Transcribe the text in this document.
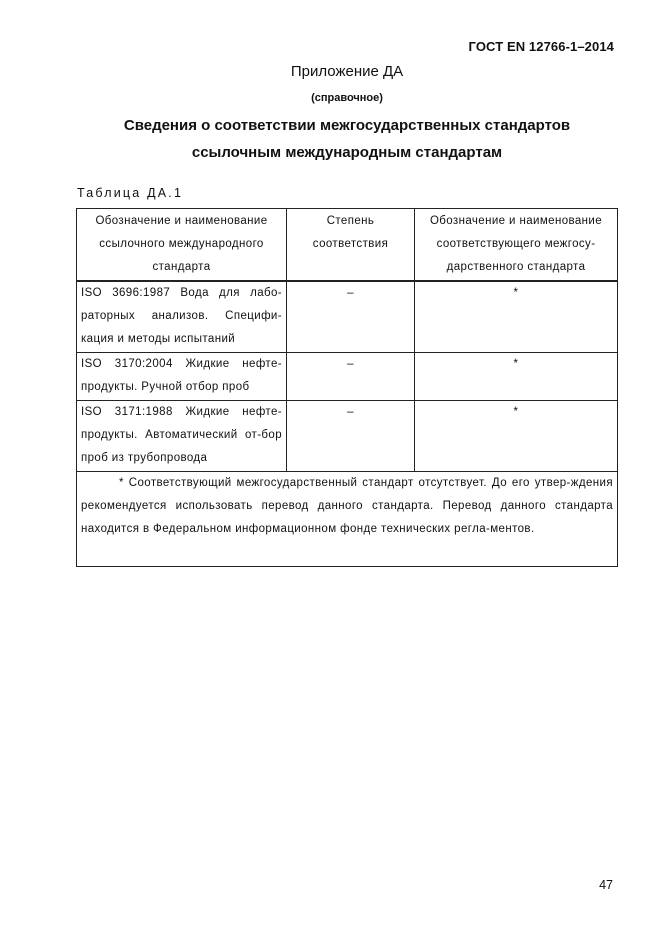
ГОСТ EN 12766-1–2014
Приложение ДА
(справочное)
Сведения о соответствии межгосударственных стандартов
ссылочным международным стандартам
Таблица ДА.1
Обозначение и наименование ссылочного международного стандарта	Степень соответствия	Обозначение и наименование соответствующего межгосу-дарственного стандарта
ISO 3696:1987 Вода для лабо-раторных анализов. Специфи-кация и методы испытаний	–	*
ISO 3170:2004 Жидкие нефте-продукты. Ручной отбор проб	–	*
ISO 3171:1988 Жидкие нефте-продукты. Автоматический от-бор проб из трубопровода	–	*
* Соответствующий межгосударственный стандарт отсутствует. До его утвер-ждения рекомендуется использовать перевод данного стандарта. Перевод данного стандарта находится в Федеральном информационном фонде технических регла-ментов.		
47
